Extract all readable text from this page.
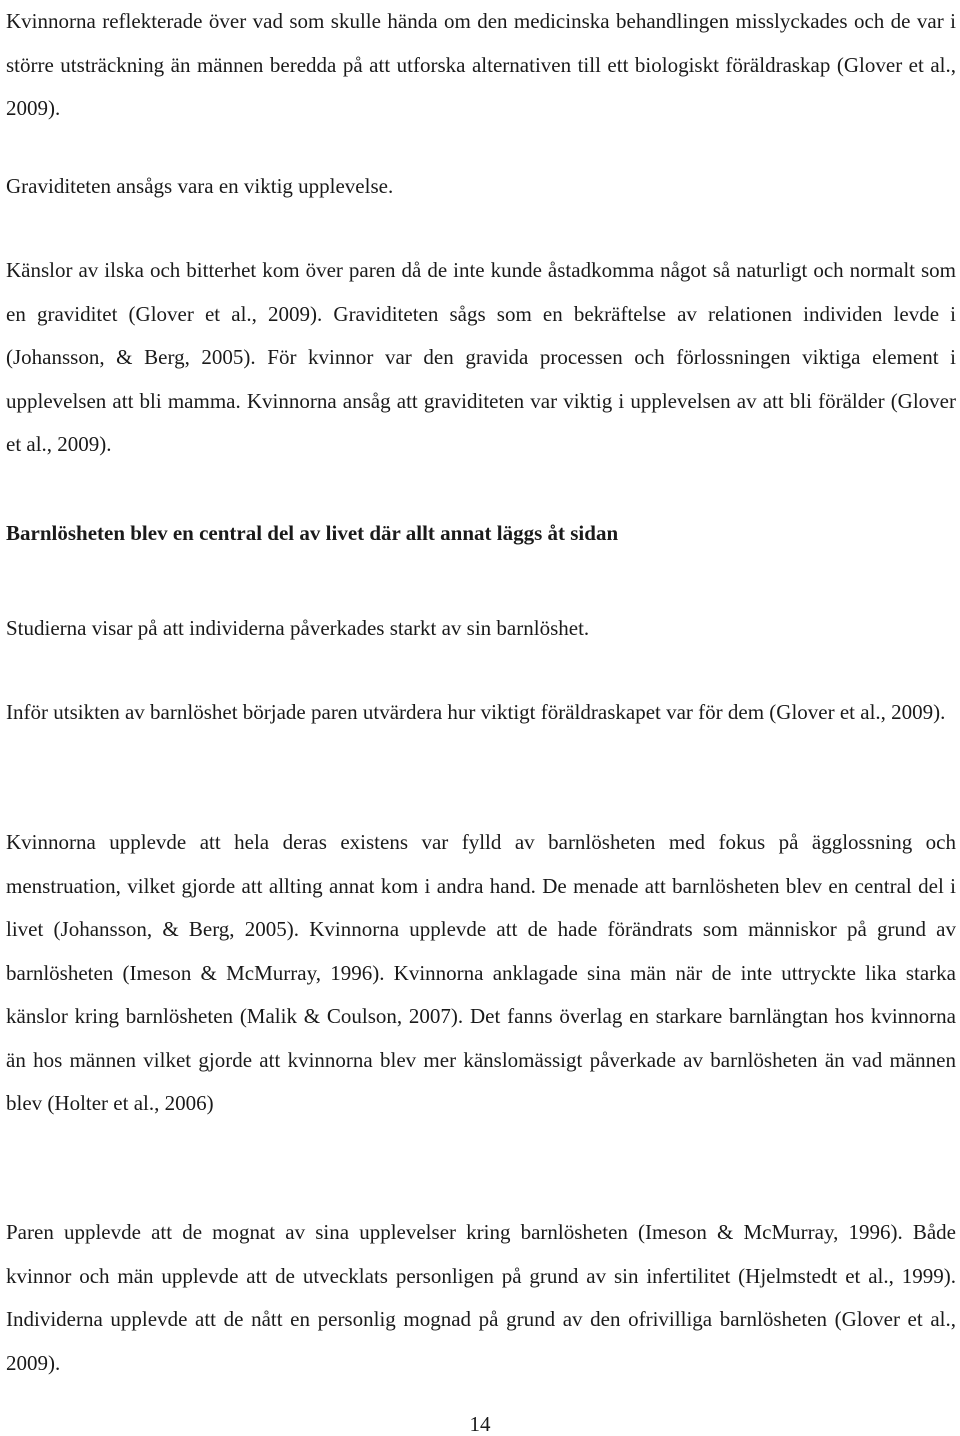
Kvinnorna reflekterade över vad som skulle hända om den medicinska behandlingen misslyckades och de var i större utsträckning än männen beredda på att utforska alternativen till ett biologiskt föräldraskap (Glover et al., 2009).

Graviditeten ansågs vara en viktig upplevelse.

Känslor av ilska och bitterhet kom över paren då de inte kunde åstadkomma något så naturligt och normalt som en graviditet (Glover et al., 2009). Graviditeten sågs som en bekräftelse av relationen individen levde i (Johansson, & Berg, 2005). För kvinnor var den gravida processen och förlossningen viktiga element i upplevelsen att bli mamma. Kvinnorna ansåg att graviditeten var viktig i upplevelsen av att bli förälder (Glover et al., 2009).

Barnlösheten blev en central del av livet där allt annat läggs åt sidan

Studierna visar på att individerna påverkades starkt av sin barnlöshet.

Inför utsikten av barnlöshet började paren utvärdera hur viktigt föräldraskapet var för dem (Glover et al., 2009).

Kvinnorna upplevde att hela deras existens var fylld av barnlösheten med fokus på ägglossning och menstruation, vilket gjorde att allting annat kom i andra hand. De menade att barnlösheten blev en central del i livet (Johansson, & Berg, 2005). Kvinnorna upplevde att de hade förändrats som människor på grund av barnlösheten (Imeson & McMurray, 1996). Kvinnorna anklagade sina män när de inte uttryckte lika starka känslor kring barnlösheten (Malik & Coulson, 2007). Det fanns överlag en starkare barnlängtan hos kvinnorna än hos männen vilket gjorde att kvinnorna blev mer känslomässigt påverkade av barnlösheten än vad männen blev (Holter et al., 2006)

Paren upplevde att de mognat av sina upplevelser kring barnlösheten (Imeson & McMurray, 1996). Både kvinnor och män upplevde att de utvecklats personligen på grund av sin infertilitet (Hjelmstedt et al., 1999). Individerna upplevde att de nått en personlig mognad på grund av den ofrivilliga barnlösheten (Glover et al., 2009).

14
